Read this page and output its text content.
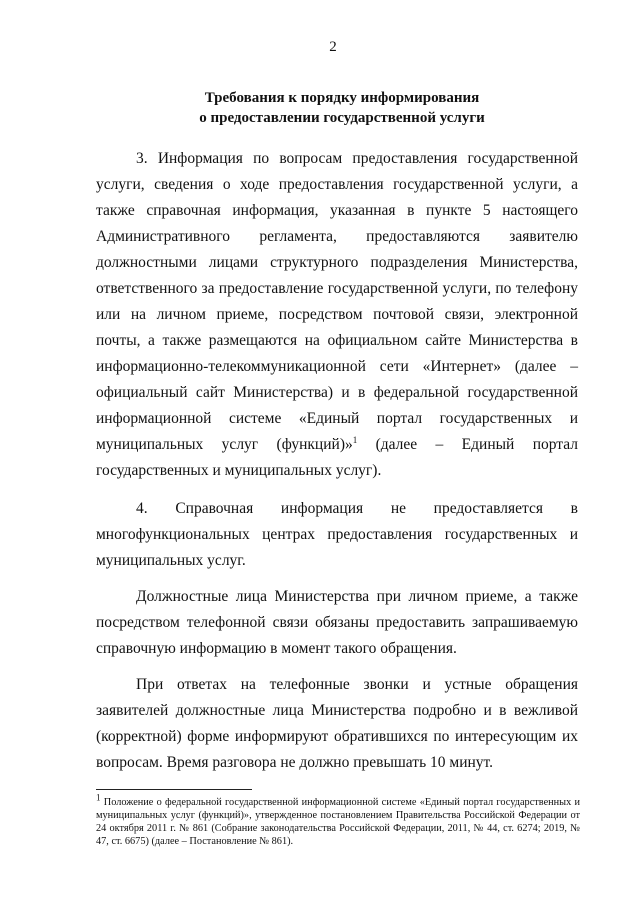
2
Требования к порядку информирования
о предоставлении государственной услуги

3. Информация по вопросам предоставления государственной услуги, сведения о ходе предоставления государственной услуги, а также справочная информация, указанная в пункте 5 настоящего Административного регламента, предоставляются заявителю должностными лицами структурного подразделения Министерства, ответственного за предоставление государственной услуги, по телефону или на личном приеме, посредством почтовой связи, электронной почты, а также размещаются на официальном сайте Министерства в информационно-телекоммуникационной сети «Интернет» (далее – официальный сайт Министерства) и в федеральной государственной информационной системе «Единый портал государственных и муниципальных услуг (функций)»$^1$ (далее – Единый портал государственных и муниципальных услуг).

4. Справочная информация не предоставляется в многофункциональных центрах предоставления государственных и муниципальных услуг.

Должностные лица Министерства при личном приеме, а также посредством телефонной связи обязаны предоставить запрашиваемую справочную информацию в момент такого обращения.

При ответах на телефонные звонки и устные обращения заявителей должностные лица Министерства подробно и в вежливой (корректной) форме информируют обратившихся по интересующим их вопросам. Время разговора не должно превышать 10 минут.

$^1$ Положение о федеральной государственной информационной системе «Единый портал государственных и муниципальных услуг (функций)», утвержденное постановлением Правительства Российской Федерации от 24 октября 2011 г. № 861 (Собрание законодательства Российской Федерации, 2011, № 44, ст. 6274; 2019, № 47, ст. 6675) (далее – Постановление № 861).
